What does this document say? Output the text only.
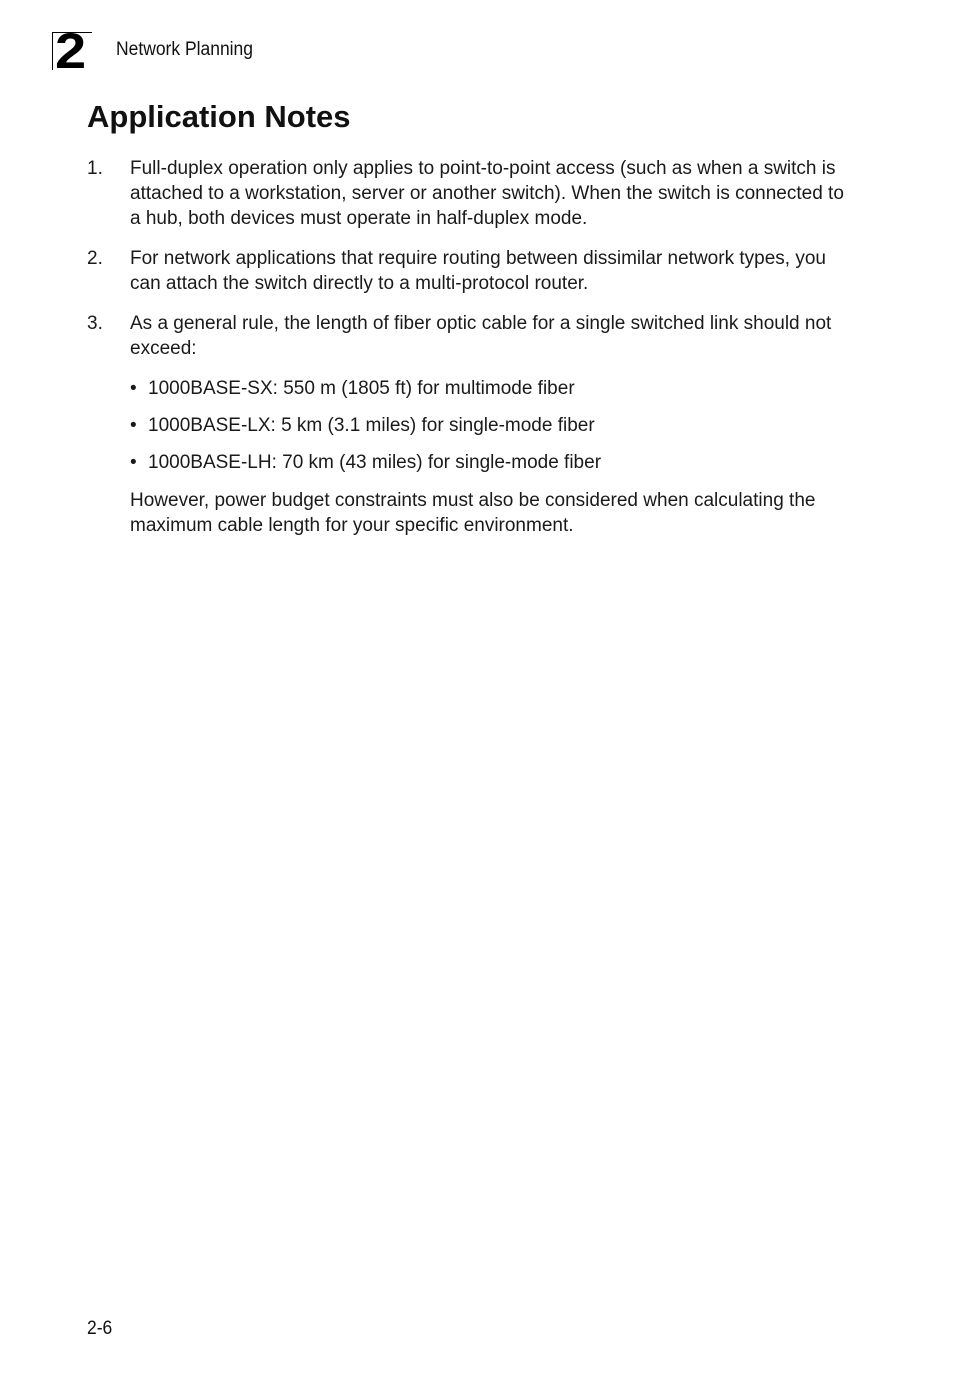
2 Network Planning
Application Notes
1. Full-duplex operation only applies to point-to-point access (such as when a switch is attached to a workstation, server or another switch). When the switch is connected to a hub, both devices must operate in half-duplex mode.
2. For network applications that require routing between dissimilar network types, you can attach the switch directly to a multi-protocol router.
3. As a general rule, the length of fiber optic cable for a single switched link should not exceed:
• 1000BASE-SX: 550 m (1805 ft) for multimode fiber
• 1000BASE-LX: 5 km (3.1 miles) for single-mode fiber
• 1000BASE-LH: 70 km (43 miles) for single-mode fiber
However, power budget constraints must also be considered when calculating the maximum cable length for your specific environment.
2-6
